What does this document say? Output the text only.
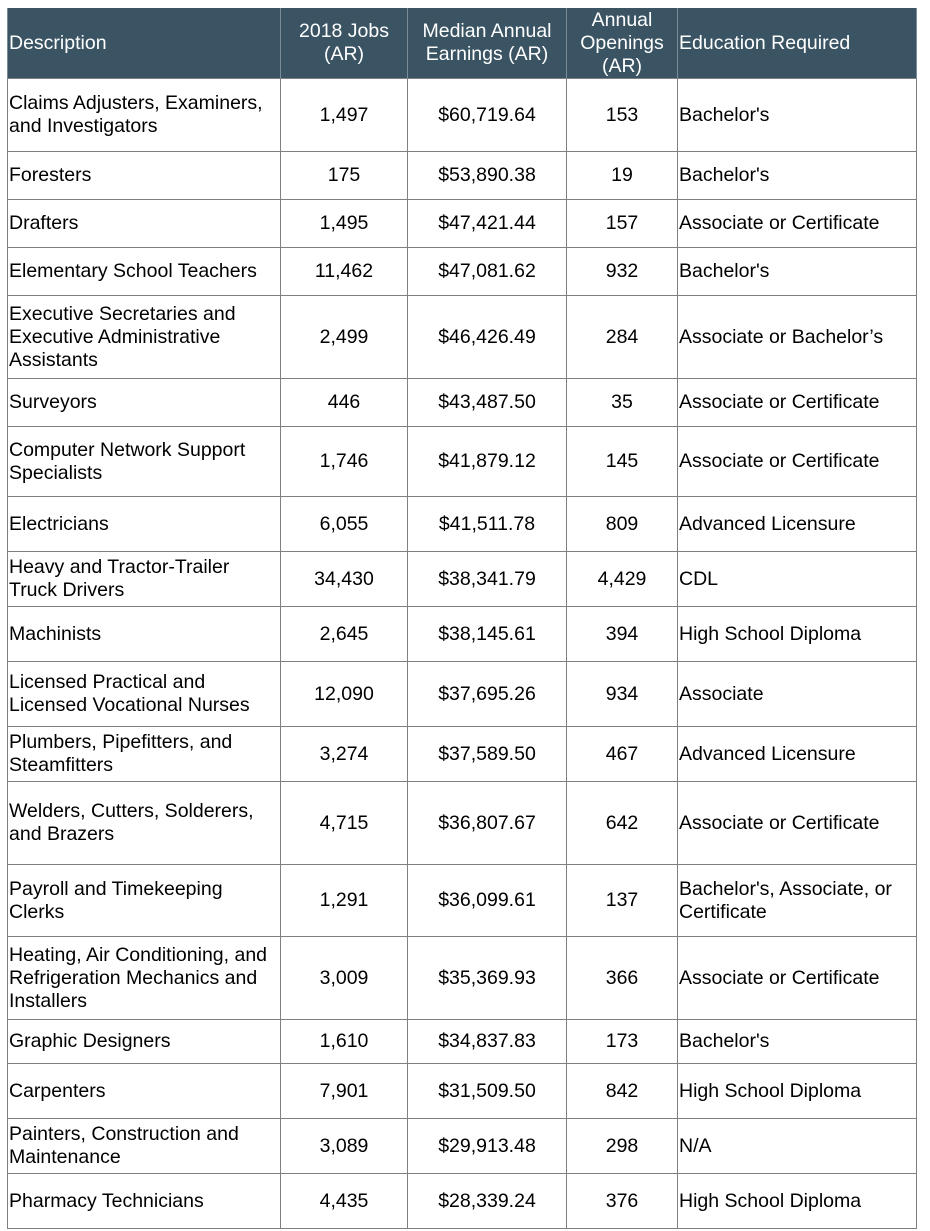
Description	2018 Jobs (AR)	Median Annual Earnings (AR)	Annual Openings (AR)	Education Required
Claims Adjusters, Examiners, and Investigators	1,497	$60,719.64	153	Bachelor's
Foresters	175	$53,890.38	19	Bachelor's
Drafters	1,495	$47,421.44	157	Associate or Certificate
Elementary School Teachers	11,462	$47,081.62	932	Bachelor's
Executive Secretaries and Executive Administrative Assistants	2,499	$46,426.49	284	Associate or Bachelor’s
Surveyors	446	$43,487.50	35	Associate or Certificate
Computer Network Support Specialists	1,746	$41,879.12	145	Associate or Certificate
Electricians	6,055	$41,511.78	809	Advanced Licensure
Heavy and Tractor-Trailer Truck Drivers	34,430	$38,341.79	4,429	CDL
Machinists	2,645	$38,145.61	394	High School Diploma
Licensed Practical and Licensed Vocational Nurses	12,090	$37,695.26	934	Associate
Plumbers, Pipefitters, and Steamfitters	3,274	$37,589.50	467	Advanced Licensure
Welders, Cutters, Solderers, and Brazers	4,715	$36,807.67	642	Associate or Certificate
Payroll and Timekeeping Clerks	1,291	$36,099.61	137	Bachelor's, Associate, or Certificate
Heating, Air Conditioning, and Refrigeration Mechanics and Installers	3,009	$35,369.93	366	Associate or Certificate
Graphic Designers	1,610	$34,837.83	173	Bachelor's
Carpenters	7,901	$31,509.50	842	High School Diploma
Painters, Construction and Maintenance	3,089	$29,913.48	298	N/A
Pharmacy Technicians	4,435	$28,339.24	376	High School Diploma
